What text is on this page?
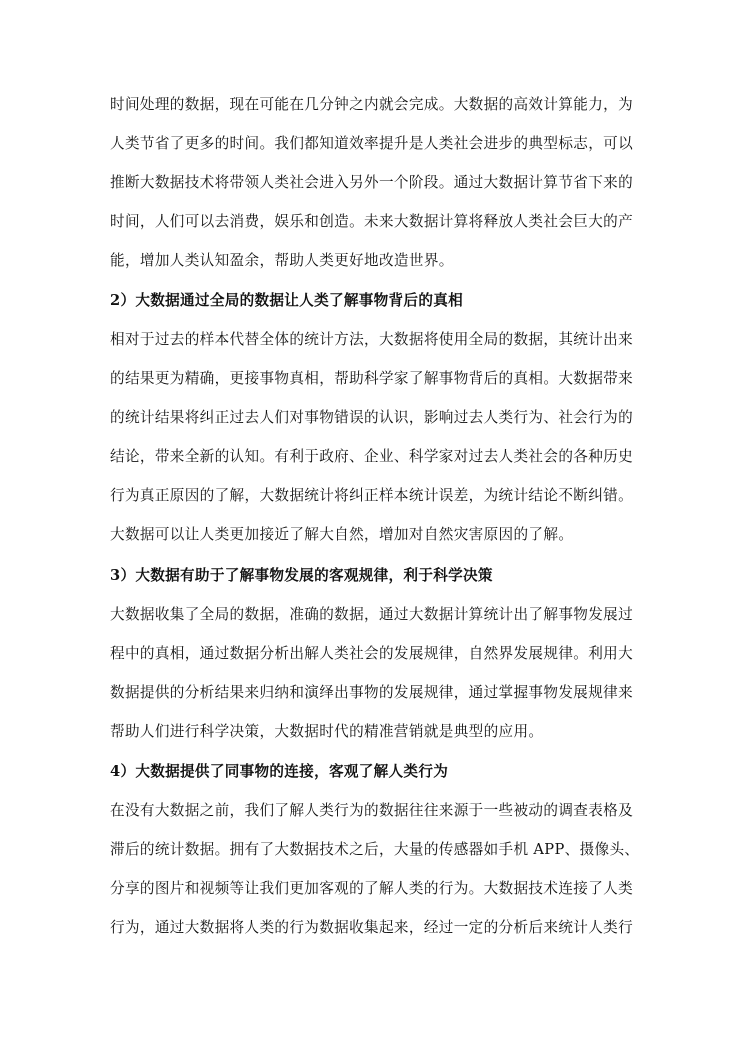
时间处理的数据，现在可能在几分钟之内就会完成。大数据的高效计算能力，为
人类节省了更多的时间。我们都知道效率提升是人类社会进步的典型标志，可以
推断大数据技术将带领人类社会进入另外一个阶段。通过大数据计算节省下来的
时间，人们可以去消费，娱乐和创造。未来大数据计算将释放人类社会巨大的产
能，增加人类认知盈余，帮助人类更好地改造世界。
2）大数据通过全局的数据让人类了解事物背后的真相
相对于过去的样本代替全体的统计方法，大数据将使用全局的数据，其统计出来
的结果更为精确，更接事物真相，帮助科学家了解事物背后的真相。大数据带来
的统计结果将纠正过去人们对事物错误的认识，影响过去人类行为、社会行为的
结论，带来全新的认知。有利于政府、企业、科学家对过去人类社会的各种历史
行为真正原因的了解，大数据统计将纠正样本统计误差，为统计结论不断纠错。
大数据可以让人类更加接近了解大自然，增加对自然灾害原因的了解。
3）大数据有助于了解事物发展的客观规律，利于科学决策
大数据收集了全局的数据，准确的数据，通过大数据计算统计出了解事物发展过
程中的真相，通过数据分析出解人类社会的发展规律，自然界发展规律。利用大
数据提供的分析结果来归纳和演绎出事物的发展规律，通过掌握事物发展规律来
帮助人们进行科学决策，大数据时代的精准营销就是典型的应用。
4）大数据提供了同事物的连接，客观了解人类行为
在没有大数据之前，我们了解人类行为的数据往往来源于一些被动的调查表格及
滞后的统计数据。拥有了大数据技术之后，大量的传感器如手机 APP、摄像头、
分享的图片和视频等让我们更加客观的了解人类的行为。大数据技术连接了人类
行为，通过大数据将人类的行为数据收集起来，经过一定的分析后来统计人类行
